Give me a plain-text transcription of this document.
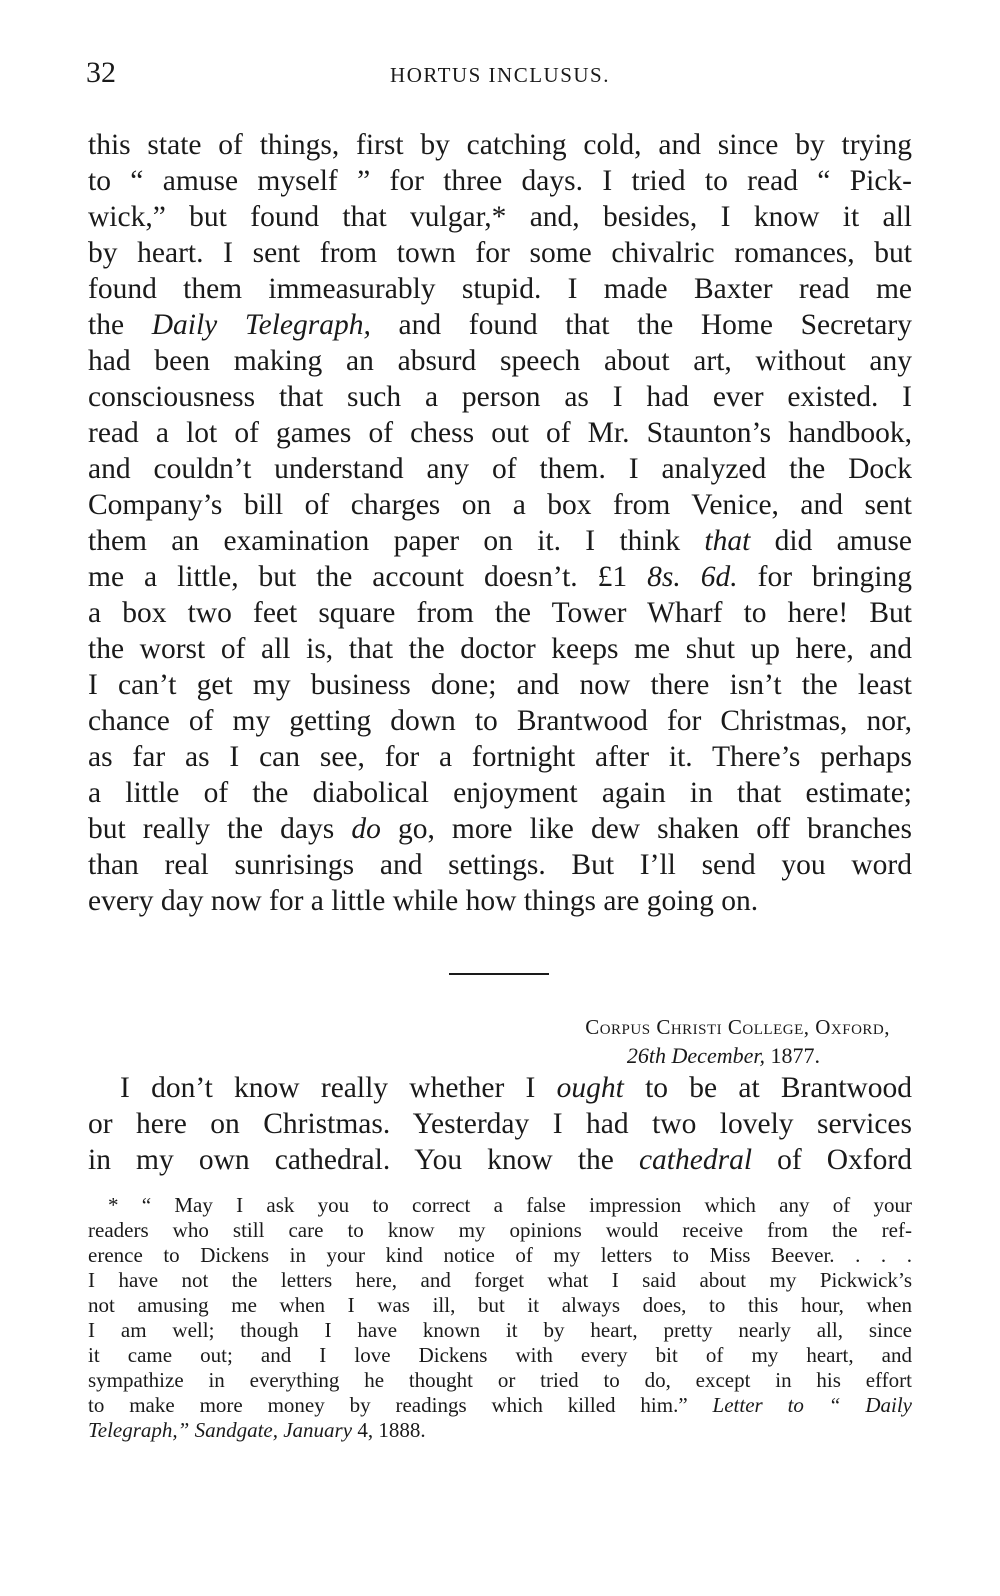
32	HORTUS INCLUSUS.
this state of things, first by catching cold, and since by trying
to “ amuse myself ” for three days. I tried to read “ Pick-
wick,” but found that vulgar,* and, besides, I know it all
by heart. I sent from town for some chivalric romances, but
found them immeasurably stupid. I made Baxter read me
the Daily Telegraph, and found that the Home Secretary
had been making an absurd speech about art, without any
consciousness that such a person as I had ever existed. I
read a lot of games of chess out of Mr. Staunton’s handbook,
and couldn’t understand any of them. I analyzed the Dock
Company’s bill of charges on a box from Venice, and sent
them an examination paper on it. I think that did amuse
me a little, but the account doesn’t. £1 8s. 6d. for bringing
a box two feet square from the Tower Wharf to here! But
the worst of all is, that the doctor keeps me shut up here, and
I can’t get my business done; and now there isn’t the least
chance of my getting down to Brantwood for Christmas, nor,
as far as I can see, for a fortnight after it. There’s perhaps
a little of the diabolical enjoyment again in that estimate;
but really the days do go, more like dew shaken off branches
than real sunrisings and settings. But I’ll send you word
every day now for a little while how things are going on.
Corpus Christi College, Oxford,
26th December, 1877.
I don’t know really whether I ought to be at Brantwood
or here on Christmas. Yesterday I had two lovely services
in my own cathedral. You know the cathedral of Oxford
* “ May I ask you to correct a false impression which any of your
readers who still care to know my opinions would receive from the ref-
erence to Dickens in your kind notice of my letters to Miss Beever. . . .
I have not the letters here, and forget what I said about my Pickwick’s
not amusing me when I was ill, but it always does, to this hour, when
I am well; though I have known it by heart, pretty nearly all, since
it came out; and I love Dickens with every bit of my heart, and
sympathize in everything he thought or tried to do, except in his effort
to make more money by readings which killed him.” Letter to “ Daily
Telegraph,” Sandgate, January 4, 1888.
